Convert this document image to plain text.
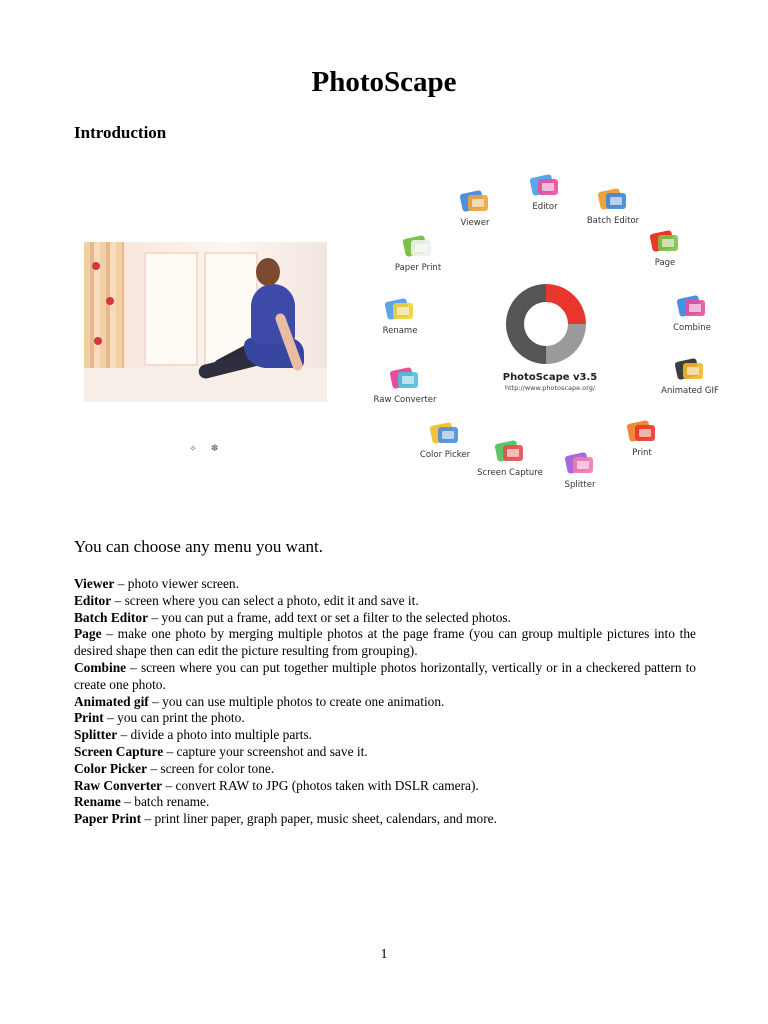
PhotoScape
Introduction
⟡ ✽
PhotoScape v3.5
http://www.photoscape.org/
Editor
Batch Editor
Page
Combine
Animated GIF
Print
Splitter
Screen Capture
Color Picker
Raw Converter
Rename
Paper Print
Viewer
You can choose any menu you want.

Viewer – photo viewer screen.

Editor – screen where you can select a photo, edit it and save it.

Batch Editor – you can put a frame, add text or set a filter to the selected photos.

Page – make one photo by merging multiple photos at the page frame (you can group multiple pictures into the desired shape then can edit the picture resulting from grouping).

Combine – screen where you can put together multiple photos horizontally, vertically or in a checkered pattern to create one photo.

Animated gif – you can use multiple photos to create one animation.

Print – you can print the photo.

Splitter – divide a photo into multiple parts.

Screen Capture – capture your screenshot and save it.

Color Picker – screen for color tone.

Raw Converter – convert RAW to JPG (photos taken with DSLR camera).

Rename – batch rename.

Paper Print – print liner paper, graph paper, music sheet, calendars, and more.

1
